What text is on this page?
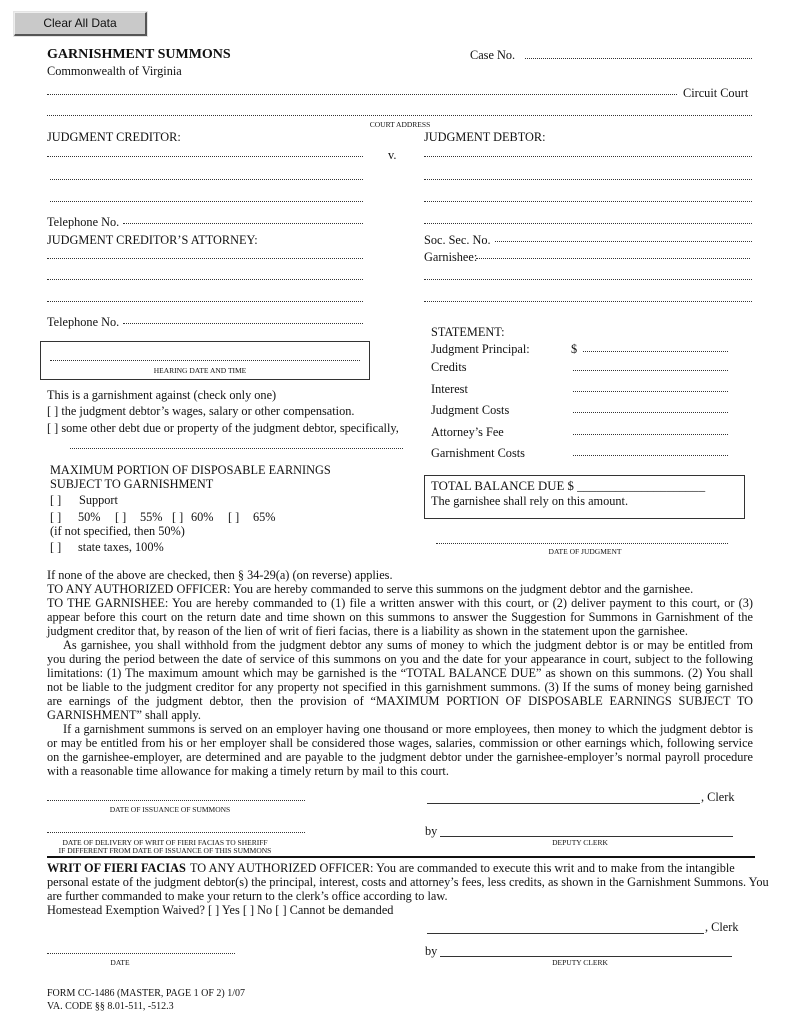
Clear All Data
GARNISHMENT SUMMONS
Commonwealth of Virginia
Case No.
Circuit Court
COURT ADDRESS
JUDGMENT CREDITOR:	JUDGMENT DEBTOR:
v.
Telephone No.
JUDGMENT CREDITOR’S ATTORNEY:	Soc. Sec. No.
Garnishee:
Telephone No.
HEARING DATE AND TIME
This is a garnishment against (check only one)
[ ] the judgment debtor’s wages, salary or other compensation.
[ ] some other debt due or property of the judgment debtor, specifically,
MAXIMUM PORTION OF DISPOSABLE EARNINGS
SUBJECT TO GARNISHMENT
[ ] Support
[ ] 50% [ ] 55% [ ] 60% [ ] 65%
(if not specified, then 50%)
[ ] state taxes, 100%
STATEMENT:
Judgment Principal:	$
Credits
Interest
Judgment Costs
Attorney’s Fee
Garnishment Costs
TOTAL BALANCE DUE $ ____________________
The garnishee shall rely on this amount.
DATE OF JUDGMENT
If none of the above are checked, then § 34-29(a) (on reverse) applies.
TO ANY AUTHORIZED OFFICER: You are hereby commanded to serve this summons on the judgment debtor and the garnishee.
TO THE GARNISHEE: You are hereby commanded to (1) file a written answer with this court, or (2) deliver payment to this court, or (3)
appear before this court on the return date and time shown on this summons to answer the Suggestion for Summons in Garnishment of the
judgment creditor that, by reason of the lien of writ of fieri facias, there is a liability as shown in the statement upon the garnishee.
As garnishee, you shall withhold from the judgment debtor any sums of money to which the judgment debtor is or may be entitled from
you during the period between the date of service of this summons on you and the date for your appearance in court, subject to the following
limitations: (1) The maximum amount which may be garnished is the “TOTAL BALANCE DUE” as shown on this summons. (2) You shall
not be liable to the judgment creditor for any property not specified in this garnishment summons. (3) If the sums of money being garnished
are earnings of the judgment debtor, then the provision of “MAXIMUM PORTION OF DISPOSABLE EARNINGS SUBJECT TO
GARNISHMENT” shall apply.
If a garnishment summons is served on an employer having one thousand or more employees, then money to which the judgment debtor is
or may be entitled from his or her employer shall be considered those wages, salaries, commission or other earnings which, following service
on the garnishee-employer, are determined and are payable to the judgment debtor under the garnishee-employer’s normal payroll procedure
with a reasonable time allowance for making a timely return by mail to this court.
DATE OF ISSUANCE OF SUMMONS
, Clerk
DATE OF DELIVERY OF WRIT OF FIERI FACIAS TO SHERIFF
IF DIFFERENT FROM DATE OF ISSUANCE OF THIS SUMMONS
by
DEPUTY CLERK
WRIT OF FIERI FACIAS TO ANY AUTHORIZED OFFICER: You are commanded to execute this writ and to make from the intangible
personal estate of the judgment debtor(s) the principal, interest, costs and attorney’s fees, less credits, as shown in the Garnishment Summons. You
are further commanded to make your return to the clerk’s office according to law.
Homestead Exemption Waived? [ ] Yes [ ] No [ ] Cannot be demanded
, Clerk
DATE
by
DEPUTY CLERK
FORM CC-1486 (MASTER, PAGE 1 OF 2) 1/07
VA. CODE §§ 8.01-511, -512.3
